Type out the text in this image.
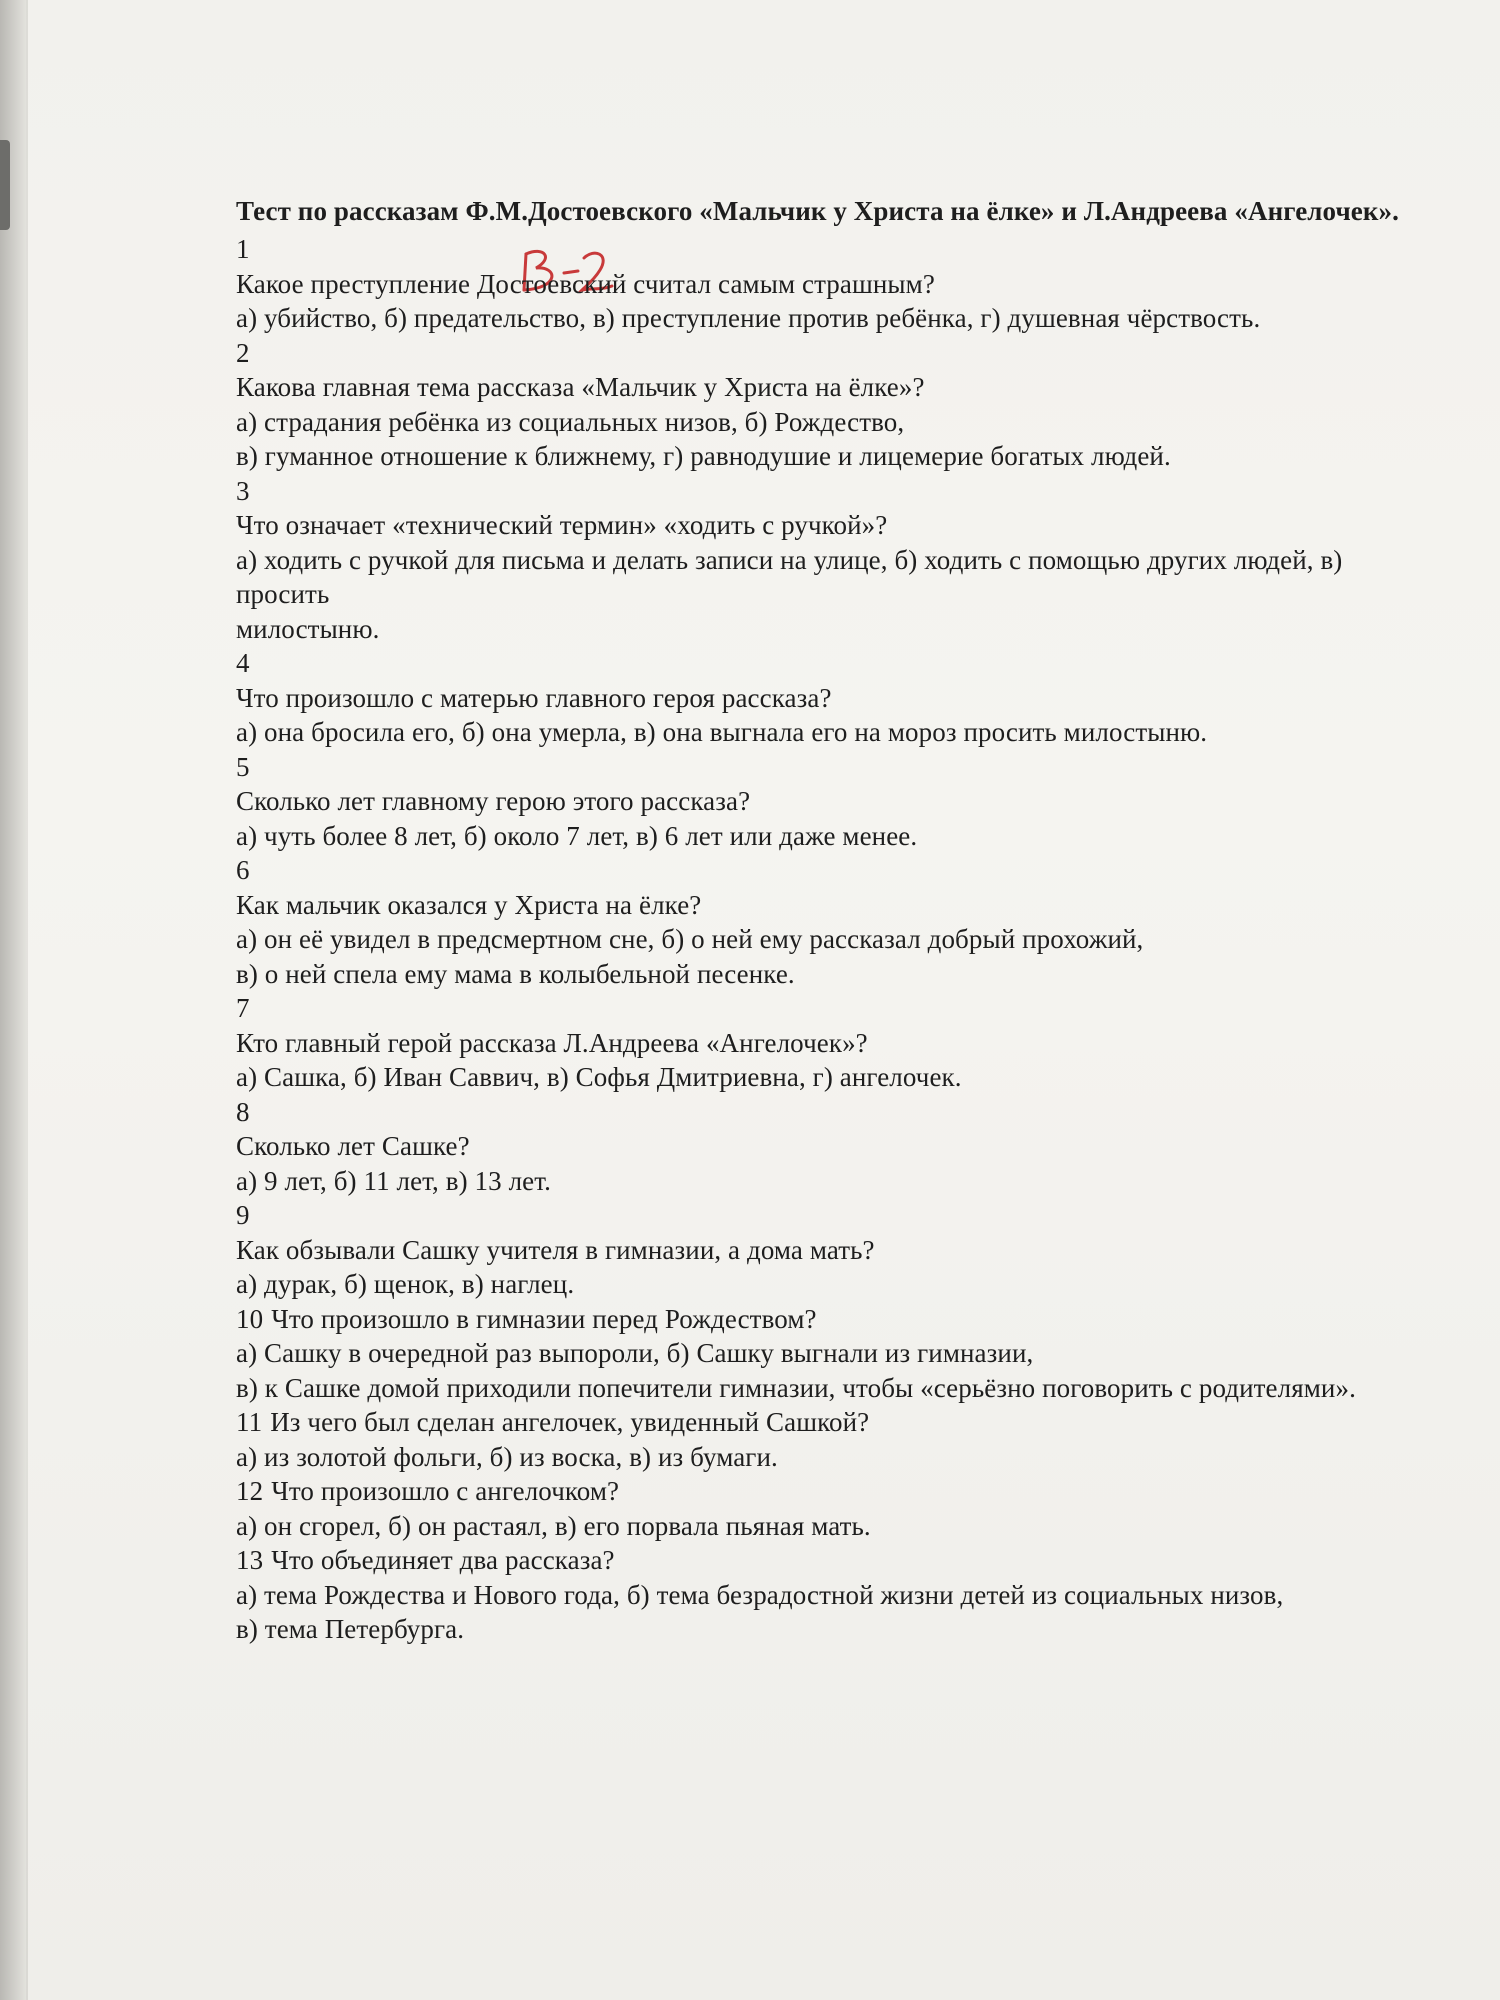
Тест по рассказам Ф.М.Достоевского «Мальчик у Христа на ёлке» и Л.Андреева «Ангелочек».
1
Какое преступление Достоевский считал самым страшным?
а) убийство, б) предательство, в) преступление против ребёнка, г) душевная чёрствость.
2
Какова главная тема рассказа «Мальчик у Христа на ёлке»?
а) страдания ребёнка из социальных низов, б) Рождество,
в) гуманное отношение к ближнему, г) равнодушие и лицемерие богатых людей.
3
Что означает «технический термин» «ходить с ручкой»?
а) ходить с ручкой для письма и делать записи на улице, б) ходить с помощью других людей, в) просить
милостыню.
4
Что произошло с матерью главного героя рассказа?
а) она бросила его, б) она умерла, в) она выгнала его на мороз просить милостыню.
5
Сколько лет главному герою этого рассказа?
а) чуть более 8 лет, б) около 7 лет, в) 6 лет или даже менее.
6
Как мальчик оказался у Христа на ёлке?
а) он её увидел в предсмертном сне, б) о ней ему рассказал добрый прохожий,
в) о ней спела ему мама в колыбельной песенке.
7
Кто главный герой рассказа Л.Андреева «Ангелочек»?
а) Сашка, б) Иван Саввич, в) Софья Дмитриевна, г) ангелочек.
8
Сколько лет Сашке?
а) 9 лет, б) 11 лет, в) 13 лет.
9
Как обзывали Сашку учителя в гимназии, а дома мать?
а) дурак, б) щенок, в) наглец.
10 Что произошло в гимназии перед Рождеством?
а) Сашку в очередной раз выпороли, б) Сашку выгнали из гимназии,
в) к Сашке домой приходили попечители гимназии, чтобы «серьёзно поговорить с родителями».
11 Из чего был сделан ангелочек, увиденный Сашкой?
а) из золотой фольги, б) из воска, в) из бумаги.
12 Что произошло с ангелочком?
а) он сгорел, б) он растаял, в) его порвала пьяная мать.
13 Что объединяет два рассказа?
а) тема Рождества и Нового года, б) тема безрадостной жизни детей из социальных низов,
в) тема Петербурга.
